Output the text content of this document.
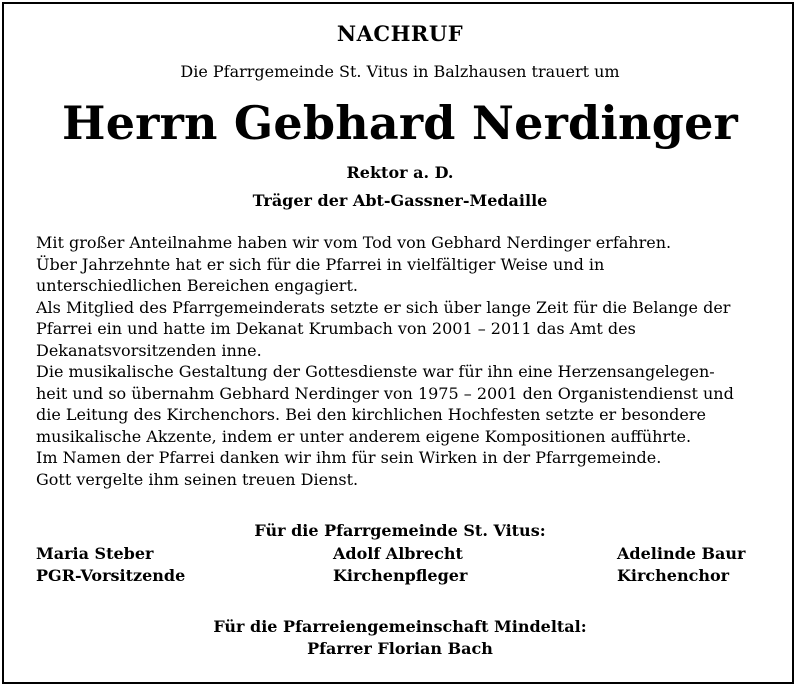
NACHRUF
Die Pfarrgemeinde St. Vitus in Balzhausen trauert um
Herrn Gebhard Nerdinger
Rektor a. D.
Träger der Abt-Gassner-Medaille

Mit großer Anteilnahme haben wir vom Tod von Gebhard Nerdinger erfahren.

Über Jahrzehnte hat er sich für die Pfarrei in vielfältiger Weise und in

unterschiedlichen Bereichen engagiert.

Als Mitglied des Pfarrgemeinderats setzte er sich über lange Zeit für die Belange der

Pfarrei ein und hatte im Dekanat Krumbach von 2001 – 2011 das Amt des

Dekanatsvorsitzenden inne.

Die musikalische Gestaltung der Gottesdienste war für ihn eine Herzensangelegen-

heit und so übernahm Gebhard Nerdinger von 1975 – 2001 den Organistendienst und

die Leitung des Kirchenchors. Bei den kirchlichen Hochfesten setzte er besondere

musikalische Akzente, indem er unter anderem eigene Kompositionen aufführte.

Im Namen der Pfarrei danken wir ihm für sein Wirken in der Pfarrgemeinde.

Gott vergelte ihm seinen treuen Dienst.

Für die Pfarrgemeinde St. Vitus:
Maria Steber
PGR-Vorsitzende
Adolf Albrecht
Kirchenpfleger
Adelinde Baur
Kirchenchor
Für die Pfarreiengemeinschaft Mindeltal:
Pfarrer Florian Bach
